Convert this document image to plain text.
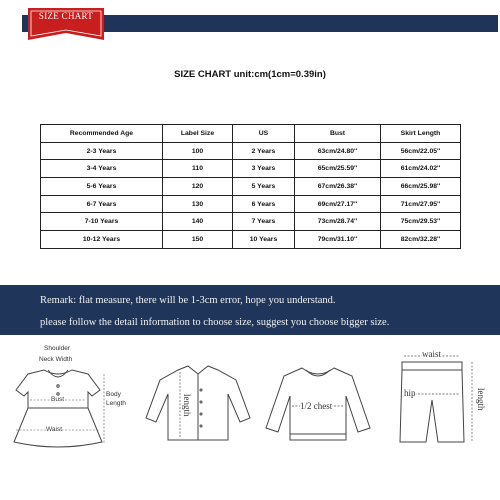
SIZE CHART
SIZE CHART unit:cm(1cm=0.39in)
Recommended Age	Label Size	US	Bust	Skirt Length
2-3 Years	100	2 Years	63cm/24.80''	56cm/22.05''
3-4 Years	110	3 Years	65cm/25.59''	61cm/24.02''
5-6 Years	120	5 Years	67cm/26.38''	66cm/25.98''
6-7 Years	130	6 Years	69cm/27.17''	71cm/27.95''
7-10 Years	140	7 Years	73cm/28.74''	75cm/29.53''
10-12 Years	150	10 Years	79cm/31.10''	82cm/32.28''
Remark: flat measure, there will be 1-3cm error, hope you understand.
please follow the detail information to choose size, suggest you choose bigger size.
Shoulder
Neck Width
Bust
Waist
Body
Length	length	1/2 chest
waist
hip	length
